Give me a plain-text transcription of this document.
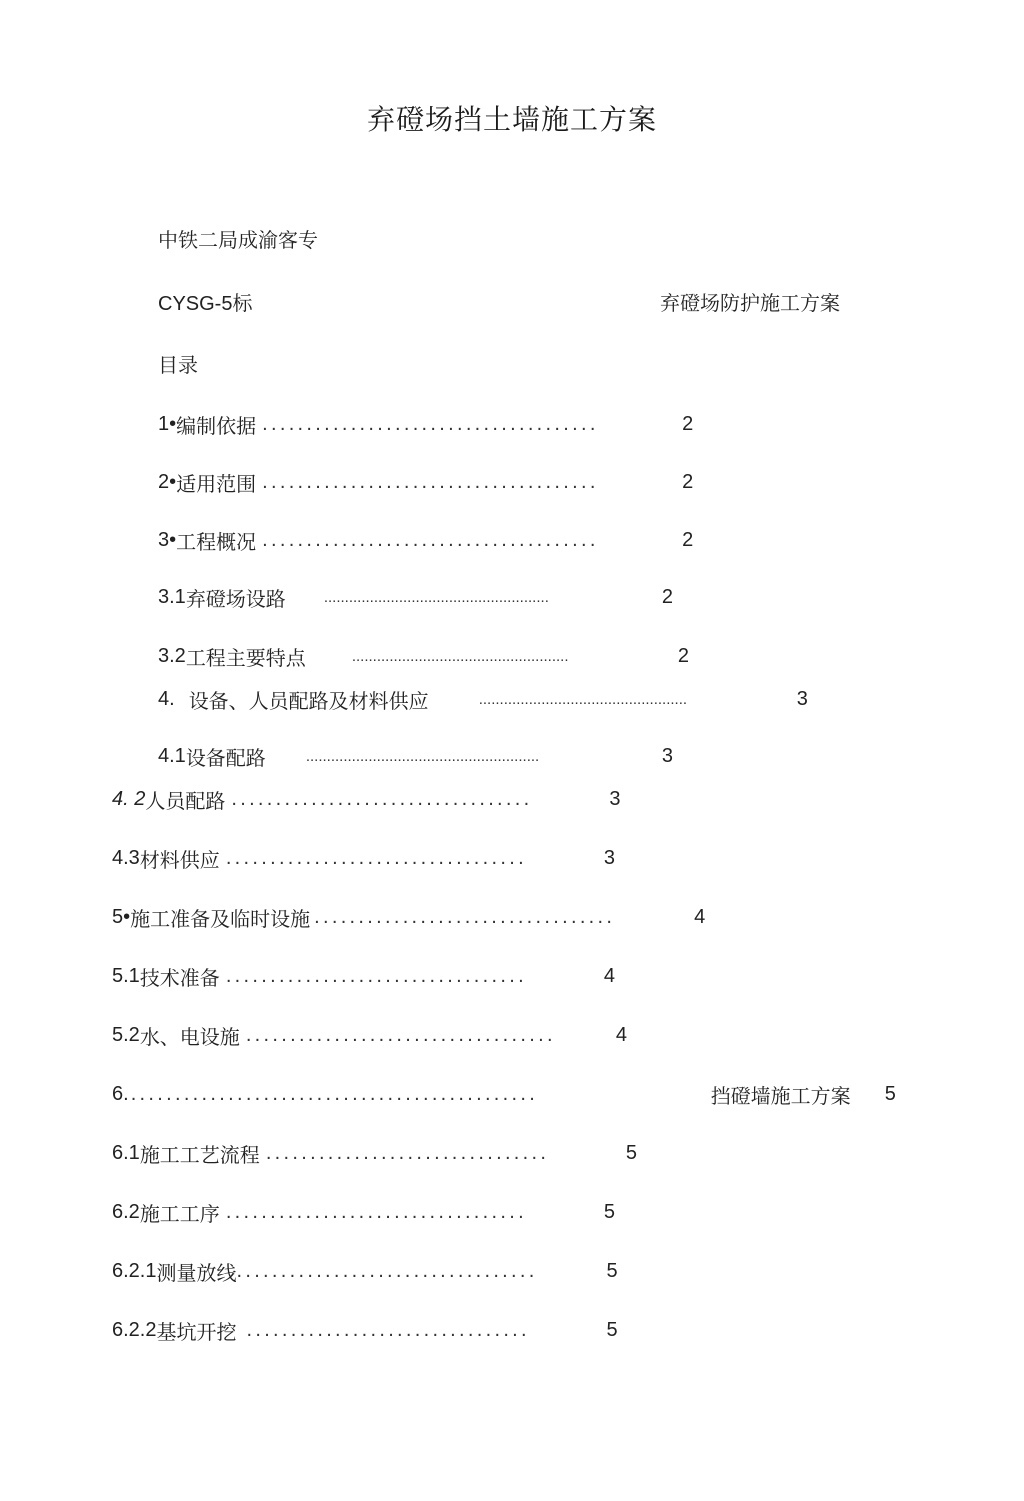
弃磴场挡土墙施工方案
中铁二局成渝客专
CYSG-5标	弃磴场防护施工方案
目录
1• 编制依据 ......................................	2
2• 适用范围 ......................................	2
3• 工程概况 ......................................	2
3.1 弃磴场设路	......................................................	2
3.2 工程主要特点	....................................................	2
4. 设备、人员配路及材料供应	..................................................	3
4.1 设备配路	........................................................	3
4. 2 人员配路 ..................................	3
4.3 材料供应 ..................................	3
5• 施工准备及临时设施 ..................................	4
5.1 技术准备 ..................................	4
5.2 水、电设施 ...................................	4
6. ..............................................	挡磴墙施工方案 5
6.1 施工工艺流程 ................................	5
6.2 施工工序 ..................................	5
6.2.1 测量放线 ..................................	5
6.2.2 基坑开挖 ................................	5
